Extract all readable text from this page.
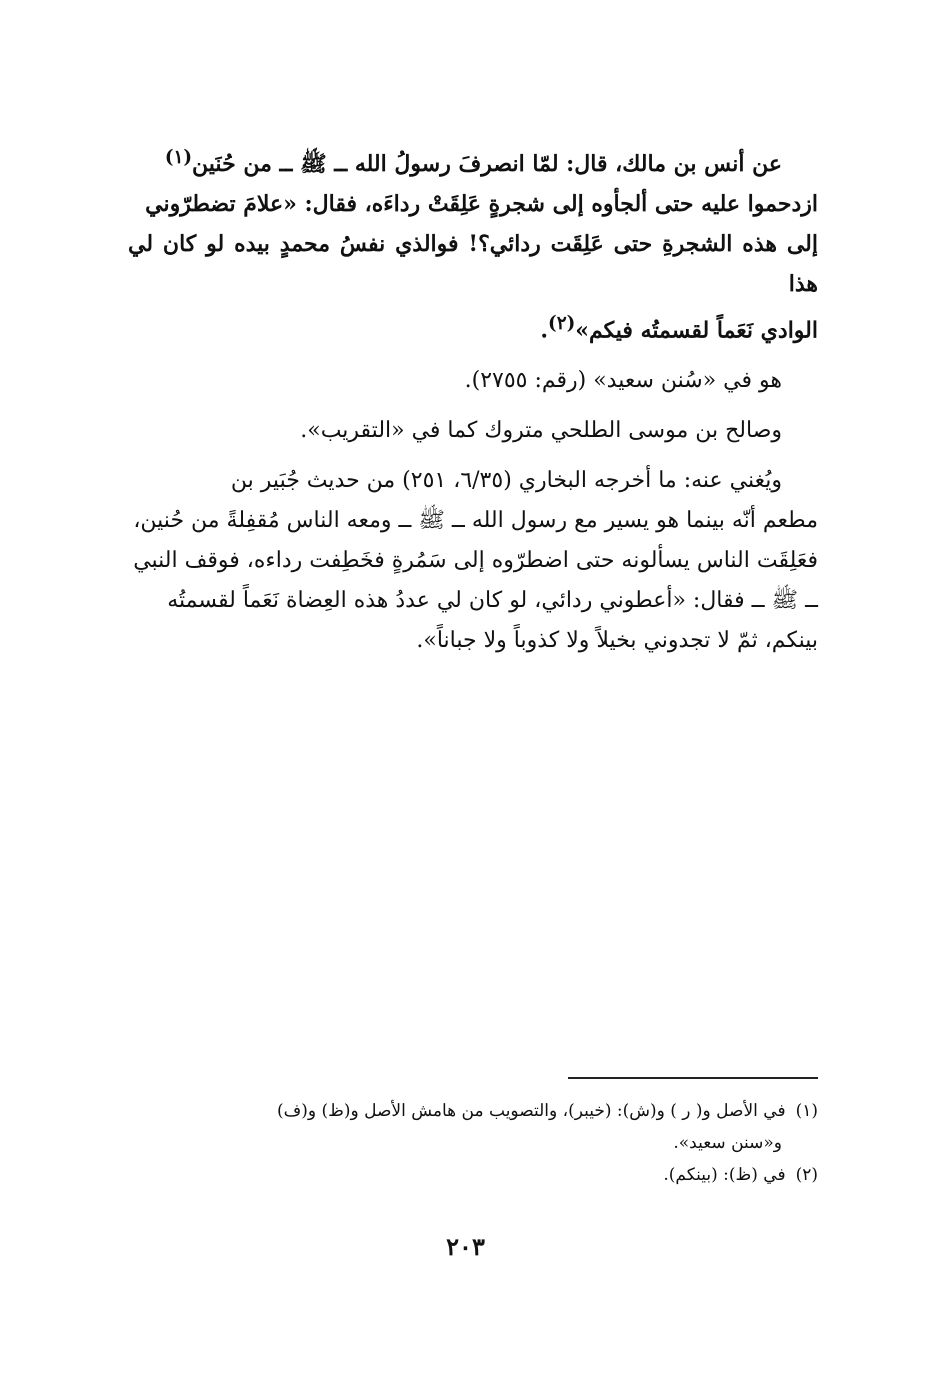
عن أنس بن مالك، قال: لمّا انصرفَ رسولُ الله ــ ﷺ ــ من حُنَين$^{(١)}$
ازدحموا عليه حتى ألجأوه إلى شجرةٍ عَلِقَتْ رداءَه، فقال: «علامَ تضطرّوني
إلى هذه الشجرةِ حتى عَلِقَت ردائي؟! فوالذي نفسُ محمدٍ بيده لو كان لي هذا
الوادي نَعَماً لقسمتُه فيكم»$^{(٢)}$.

هو في «سُنن سعيد» (رقم: ٢٧٥٥).

وصالح بن موسى الطلحي متروك كما في «التقريب».

ويُغني عنه: ما أخرجه البخاري (٦/٣٥، ٢٥١) من حديث جُبَير بن
مطعم أنّه بينما هو يسير مع رسول الله ــ ﷺ ــ ومعه الناس مُقفِلةً من حُنين،
فعَلِقَت الناس يسألونه حتى اضطرّوه إلى سَمُرةٍ فخَطِفت رداءه، فوقف النبي
ــ ﷺ ــ فقال: «أعطوني ردائي، لو كان لي عددُ هذه العِضاة نَعَماً لقسمتُه
بينكم، ثمّ لا تجدوني بخيلاً ولا كذوباً ولا جباناً».

(١)في الأصل و( ر ) و(ش): (خيبر)، والتصويب من هامش الأصل و(ظ) و(ف)

و«سنن سعيد».

(٢)في (ظ): (بينكم).

٢٠٣
